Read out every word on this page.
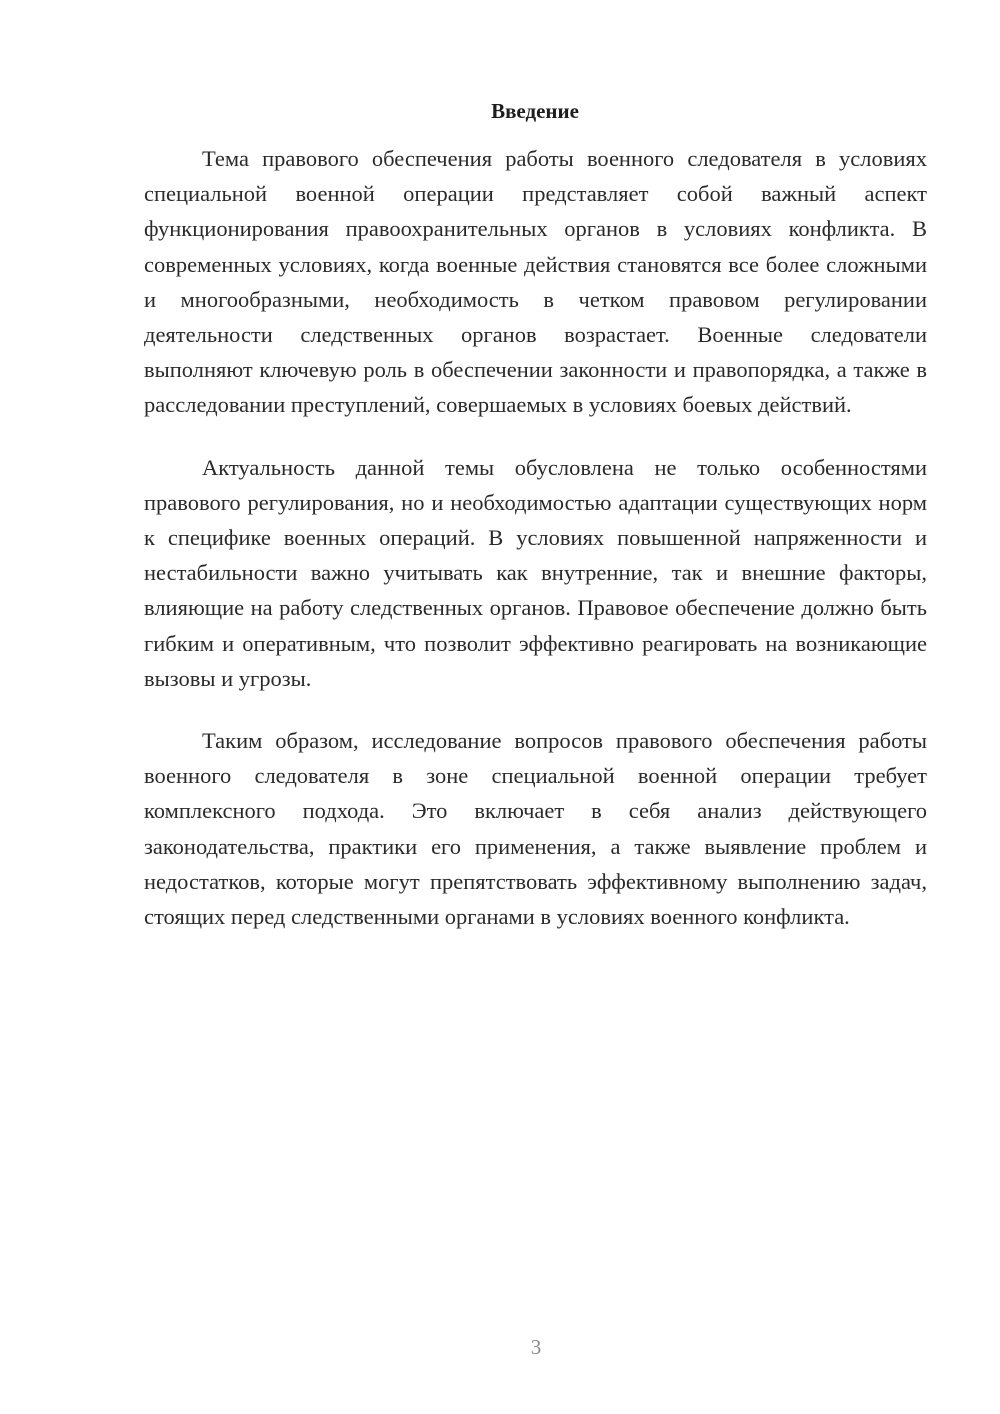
Введение

Тема правового обеспечения работы военного следователя в условиях специальной военной операции представляет собой важный аспект функционирования правоохранительных органов в условиях конфликта. В современных условиях, когда военные действия становятся все более сложными и многообразными, необходимость в четком правовом регулировании деятельности следственных органов возрастает. Военные следователи выполняют ключевую роль в обеспечении законности и правопорядка, а также в расследовании преступлений, совершаемых в условиях боевых действий.

Актуальность данной темы обусловлена не только особенностями правового регулирования, но и необходимостью адаптации существующих норм к специфике военных операций. В условиях повышенной напряженности и нестабильности важно учитывать как внутренние, так и внешние факторы, влияющие на работу следственных органов. Правовое обеспечение должно быть гибким и оперативным, что позволит эффективно реагировать на возникающие вызовы и угрозы.

Таким образом, исследование вопросов правового обеспечения работы военного следователя в зоне специальной военной операции требует комплексного подхода. Это включает в себя анализ действующего законодательства, практики его применения, а также выявление проблем и недостатков, которые могут препятствовать эффективному выполнению задач, стоящих перед следственными органами в условиях военного конфликта.

3
